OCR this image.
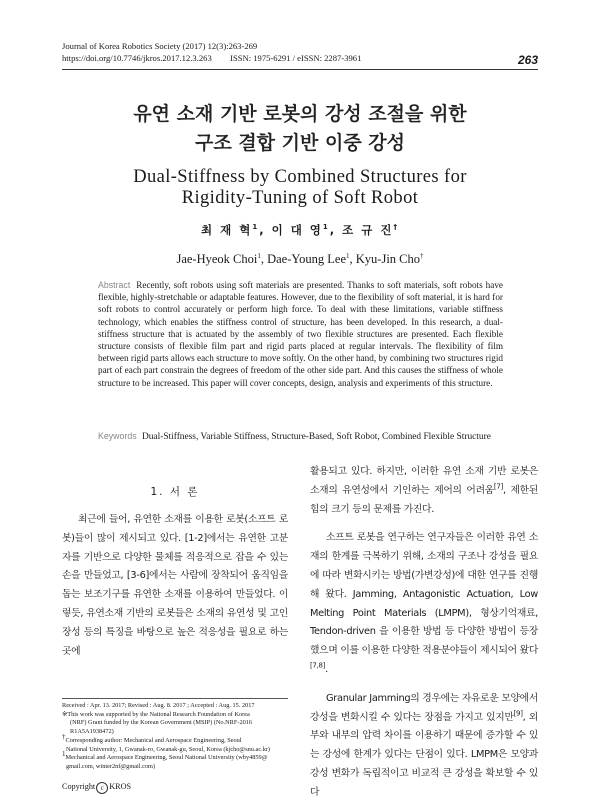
Journal of Korea Robotics Society (2017) 12(3):263-269
https://doi.org/10.7746/jkros.2017.12.3.263 ISSN: 1975-6291 / eISSN: 2287-3961	263
유연 소재 기반 로봇의 강성 조절을 위한
구조 결합 기반 이중 강성
Dual-Stiffness by Combined Structures for
Rigidity-Tuning of Soft Robot
최 재 혁$^1$, 이 대 영$^1$, 조 규 진†
Jae-Hyeok Choi$^1$, Dae-Young Lee$^1$, Kyu-Jin Cho†
Abstract Recently, soft robots using soft materials are presented. Thanks to soft materials, soft robots have flexible, highly-stretchable or adaptable features. However, due to the flexibility of soft material, it is hard for soft robots to control accurately or perform high force. To deal with these limitations, variable stiffness technology, which enables the stiffness control of structure, has been developed. In this research, a dual-stiffness structure that is actuated by the assembly of two flexible structures are presented. Each flexible structure consists of flexible film part and rigid parts placed at regular intervals. The flexibility of film between rigid parts allows each structure to move softly. On the other hand, by combining two structures rigid part of each part constrain the degrees of freedom of the other side part. And this causes the stiffness of whole structure to be increased. This paper will cover concepts, design, analysis and experiments of this structure.
Keywords Dual-Stiffness, Variable Stiffness, Structure-Based, Soft Robot, Combined Flexible Structure
1. 서 론

최근에 들어, 유연한 소재를 이용한 로봇(소프트 로봇)들이 많이 제시되고 있다. [1-2]에서는 유연한 고분자를 기반으로 다양한 물체를 적응적으로 잡을 수 있는 손을 만들었고, [3-6]에서는 사람에 장착되어 움직임을 돕는 보조기구를 유연한 소재를 이용하여 만들었다. 이렇듯, 유연소재 기반의 로봇들은 소재의 유연성 및 고인장성 등의 특징을 바탕으로 높은 적응성을 필요로 하는 곳에

활용되고 있다. 하지만, 이러한 유연 소재 기반 로봇은 소재의 유연성에서 기인하는 제어의 어려움[7], 제한된 힘의 크기 등의 문제를 가진다.

소프트 로봇을 연구하는 연구자들은 이러한 유연 소재의 한계를 극복하기 위해, 소재의 구조나 강성을 필요에 따라 변화시키는 방법(가변강성)에 대한 연구를 진행해 왔다. Jamming, Antagonistic Actuation, Low Melting Point Materials (LMPM), 형상기억재료, Tendon-driven 을 이용한 방법 등 다양한 방법이 등장했으며 이를 이용한 다양한 적용분야들이 제시되어 왔다[7,8].

Granular Jamming의 경우에는 자유로운 모양에서 강성을 변화시킬 수 있다는 장점을 가지고 있지만[9], 외부와 내부의 압력 차이를 이용하기 때문에 증가할 수 있는 강성에 한계가 있다는 단점이 있다. LMPM은 모양과 강성 변화가 독립적이고 비교적 큰 강성을 확보할 수 있다

Received : Apr. 13. 2017; Revised : Aug. 8. 2017 ; Accepted : Aug. 15. 2017
※This work was supported by the National Research Foundation of Korea
(NRF) Grant funded by the Korean Government (MSIP) (No.NRF-2016
R1A5A1938472)
†Corresponding author: Mechanical and Aerospace Engineering, Seoul
National University, 1, Gwanak-ro, Gwanak-gu, Seoul, Korea (kjcho@snu.ac.kr)
$^1$Mechanical and Aerospace Engineering, Seoul National University (wby4859@
gmail.com, winter2nf@gmail.com)
Copyright c KROS
